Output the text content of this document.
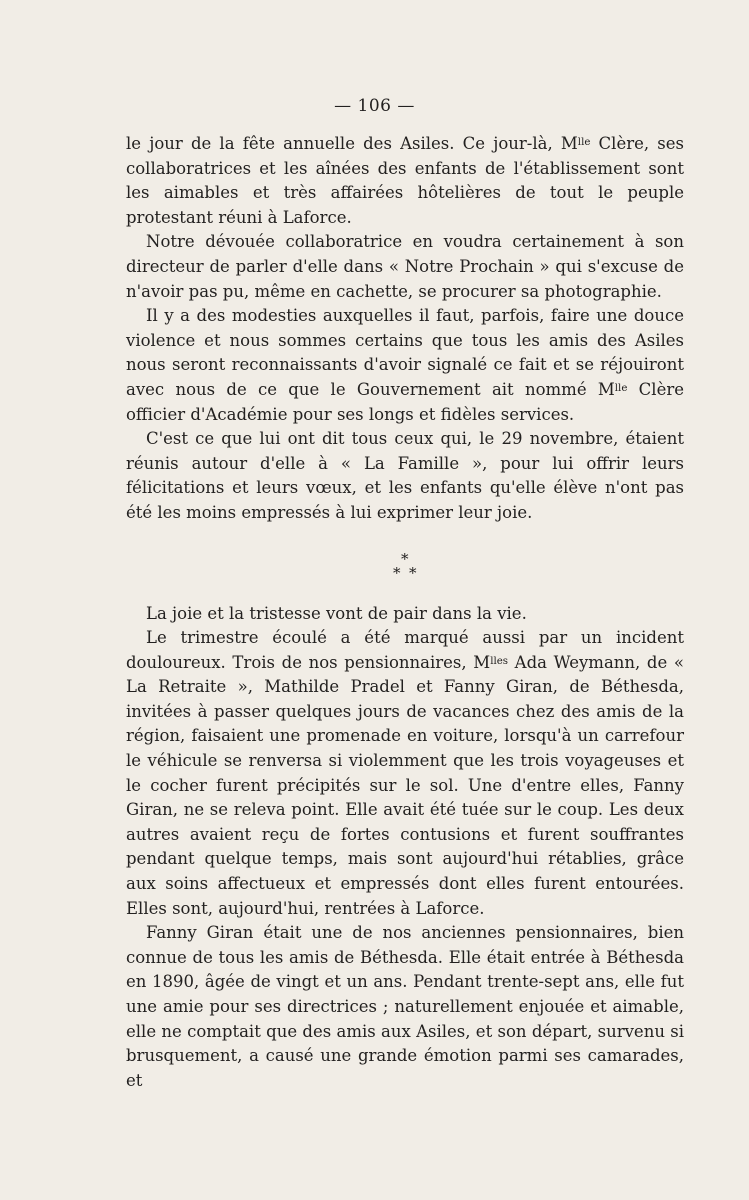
— 106 —

le jour de la fête annuelle des Asiles. Ce jour-là, $M^{lle}$ Clère, ses collaboratrices et les aînées des enfants de l'établissement sont les aimables et très affairées hôtelières de tout le peuple protestant réuni à Laforce.

Notre dévouée collaboratrice en voudra certainement à son directeur de parler d'elle dans « Notre Prochain » qui s'excuse de n'avoir pas pu, même en cachette, se procurer sa photographie.

Il y a des modesties auxquelles il faut, parfois, faire une douce violence et nous sommes certains que tous les amis des Asiles nous seront reconnaissants d'avoir signalé ce fait et se réjouiront avec nous de ce que le Gouvernement ait nommé $M^{lle}$ Clère officier d'Académie pour ses longs et fidèles services.

C'est ce que lui ont dit tous ceux qui, le 29 novembre, étaient réunis autour d'elle à « La Famille », pour lui offrir leurs félicitations et leurs vœux, et les enfants qu'elle élève n'ont pas été les moins empressés à lui exprimer leur joie.

*
* *

La joie et la tristesse vont de pair dans la vie.

Le trimestre écoulé a été marqué aussi par un incident douloureux. Trois de nos pensionnaires, $M^{lles}$ Ada Weymann, de « La Retraite », Mathilde Pradel et Fanny Giran, de Béthesda, invitées à passer quelques jours de vacances chez des amis de la région, faisaient une promenade en voiture, lorsqu'à un carrefour le véhicule se renversa si violemment que les trois voyageuses et le cocher furent précipités sur le sol. Une d'entre elles, Fanny Giran, ne se releva point. Elle avait été tuée sur le coup. Les deux autres avaient reçu de fortes contusions et furent souffrantes pendant quelque temps, mais sont aujourd'hui rétablies, grâce aux soins affectueux et empressés dont elles furent entourées. Elles sont, aujourd'hui, rentrées à Laforce.

Fanny Giran était une de nos anciennes pensionnaires, bien connue de tous les amis de Béthesda. Elle était entrée à Béthesda en 1890, âgée de vingt et un ans. Pendant trente-sept ans, elle fut une amie pour ses directrices ; naturellement enjouée et aimable, elle ne comptait que des amis aux Asiles, et son départ, survenu si brusquement, a causé une grande émotion parmi ses camarades, et
